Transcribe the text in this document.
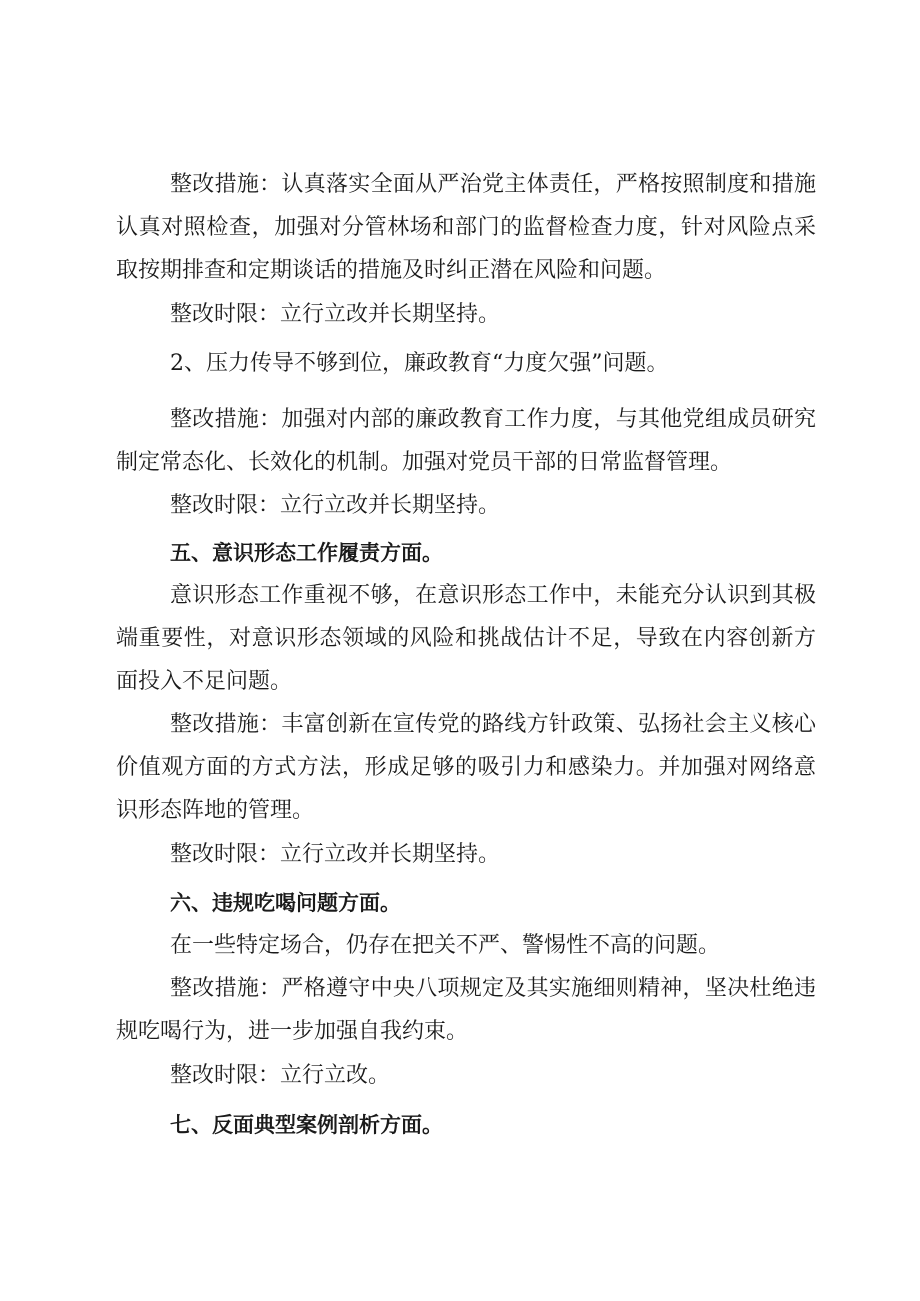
整改措施：认真落实全面从严治党主体责任，严格按照制度和措施认真对照检查，加强对分管林场和部门的监督检查力度，针对风险点采取按期排查和定期谈话的措施及时纠正潜在风险和问题。

整改时限：立行立改并长期坚持。

2、压力传导不够到位，廉政教育“力度欠强”问题。

整改措施：加强对内部的廉政教育工作力度，与其他党组成员研究制定常态化、长效化的机制。加强对党员干部的日常监督管理。

整改时限：立行立改并长期坚持。

五、意识形态工作履责方面。

意识形态工作重视不够，在意识形态工作中，未能充分认识到其极端重要性，对意识形态领域的风险和挑战估计不足，导致在内容创新方面投入不足问题。

整改措施：丰富创新在宣传党的路线方针政策、弘扬社会主义核心价值观方面的方式方法，形成足够的吸引力和感染力。并加强对网络意识形态阵地的管理。

整改时限：立行立改并长期坚持。

六、违规吃喝问题方面。

在一些特定场合，仍存在把关不严、警惕性不高的问题。

整改措施：严格遵守中央八项规定及其实施细则精神，坚决杜绝违规吃喝行为，进一步加强自我约束。

整改时限：立行立改。

七、反面典型案例剖析方面。
